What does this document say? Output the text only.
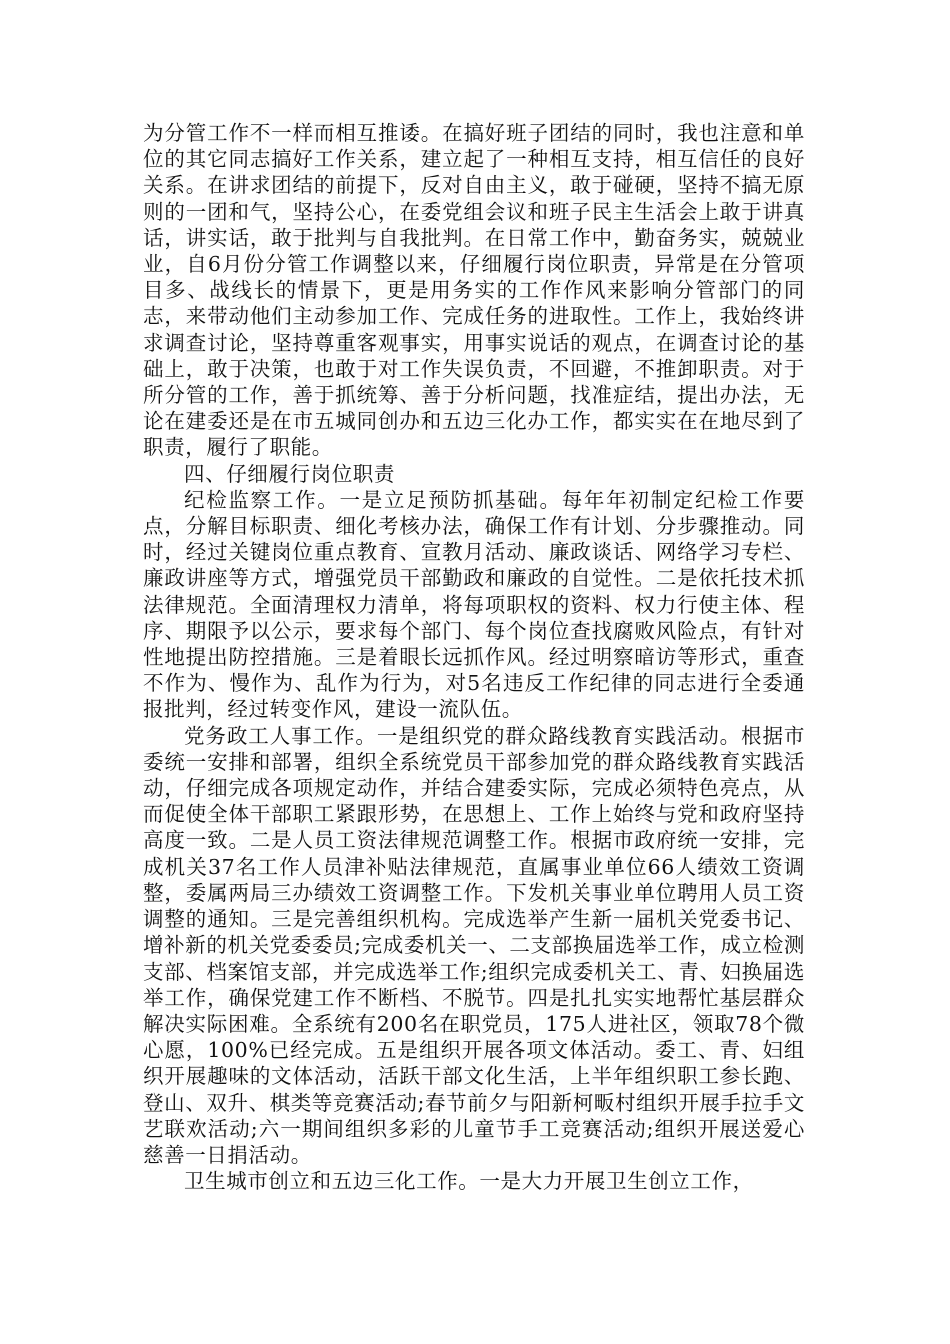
为分管工作不一样而相互推诿。在搞好班子团结的同时，我也注意和单位的其它同志搞好工作关系，建立起了一种相互支持，相互信任的良好关系。在讲求团结的前提下，反对自由主义，敢于碰硬，坚持不搞无原则的一团和气，坚持公心，在委党组会议和班子民主生活会上敢于讲真话，讲实话，敢于批判与自我批判。在日常工作中，勤奋务实，兢兢业业，自6月份分管工作调整以来，仔细履行岗位职责，异常是在分管项目多、战线长的情景下，更是用务实的工作作风来影响分管部门的同志，来带动他们主动参加工作、完成任务的进取性。工作上，我始终讲求调查讨论，坚持尊重客观事实，用事实说话的观点，在调查讨论的基础上，敢于决策，也敢于对工作失误负责，不回避，不推卸职责。对于所分管的工作，善于抓统筹、善于分析问题，找准症结，提出办法，无论在建委还是在市五城同创办和五边三化办工作，都实实在在地尽到了职责，履行了职能。

四、仔细履行岗位职责

纪检监察工作。一是立足预防抓基础。每年年初制定纪检工作要点，分解目标职责、细化考核办法，确保工作有计划、分步骤推动。同时，经过关键岗位重点教育、宣教月活动、廉政谈话、网络学习专栏、廉政讲座等方式，增强党员干部勤政和廉政的自觉性。二是依托技术抓法律规范。全面清理权力清单，将每项职权的资料、权力行使主体、程序、期限予以公示，要求每个部门、每个岗位查找腐败风险点，有针对性地提出防控措施。三是着眼长远抓作风。经过明察暗访等形式，重查不作为、慢作为、乱作为行为，对5名违反工作纪律的同志进行全委通报批判，经过转变作风，建设一流队伍。

党务政工人事工作。一是组织党的群众路线教育实践活动。根据市委统一安排和部署，组织全系统党员干部参加党的群众路线教育实践活动，仔细完成各项规定动作，并结合建委实际，完成必须特色亮点，从而促使全体干部职工紧跟形势，在思想上、工作上始终与党和政府坚持高度一致。二是人员工资法律规范调整工作。根据市政府统一安排，完成机关37名工作人员津补贴法律规范，直属事业单位66人绩效工资调整，委属两局三办绩效工资调整工作。下发机关事业单位聘用人员工资调整的通知。三是完善组织机构。完成选举产生新一届机关党委书记、增补新的机关党委委员;完成委机关一、二支部换届选举工作，成立检测支部、档案馆支部，并完成选举工作;组织完成委机关工、青、妇换届选举工作，确保党建工作不断档、不脱节。四是扎扎实实地帮忙基层群众解决实际困难。全系统有200名在职党员，175人进社区，领取78个微心愿，100%已经完成。五是组织开展各项文体活动。委工、青、妇组织开展趣味的文体活动，活跃干部文化生活，上半年组织职工参长跑、登山、双升、棋类等竞赛活动;春节前夕与阳新柯畈村组织开展手拉手文艺联欢活动;六一期间组织多彩的儿童节手工竞赛活动;组织开展送爱心慈善一日捐活动。

卫生城市创立和五边三化工作。一是大力开展卫生创立工作，
